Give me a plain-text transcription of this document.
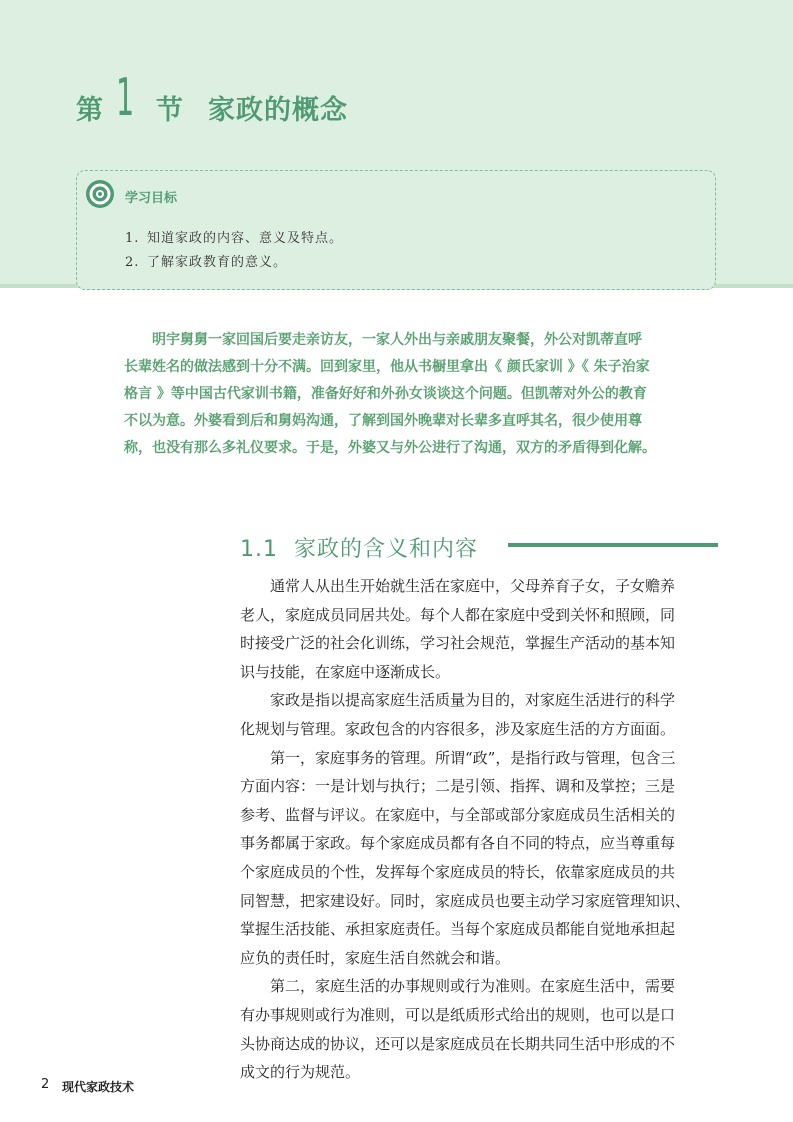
第 1 节 家政的概念
学习目标
1. 知道家政的内容、意义及特点。
2. 了解家政教育的意义。
明宇舅舅一家回国后要走亲访友，一家人外出与亲戚朋友聚餐，外公对凯蒂直呼
长辈姓名的做法感到十分不满。回到家里，他从书橱里拿出《 颜氏家训 》《 朱子治家
格言 》等中国古代家训书籍，准备好好和外孙女谈谈这个问题。但凯蒂对外公的教育
不以为意。外婆看到后和舅妈沟通，了解到国外晚辈对长辈多直呼其名，很少使用尊
称，也没有那么多礼仪要求。于是，外婆又与外公进行了沟通，双方的矛盾得到化解。
1.1 家政的含义和内容
通常人从出生开始就生活在家庭中，父母养育子女，子女赡养
老人，家庭成员同居共处。每个人都在家庭中受到关怀和照顾，同
时接受广泛的社会化训练，学习社会规范，掌握生产活动的基本知
识与技能，在家庭中逐渐成长。
家政是指以提高家庭生活质量为目的，对家庭生活进行的科学
化规划与管理。家政包含的内容很多，涉及家庭生活的方方面面。
第一，家庭事务的管理。所谓“政”，是指行政与管理，包含三
方面内容：一是计划与执行；二是引领、指挥、调和及掌控；三是
参考、监督与评议。在家庭中，与全部或部分家庭成员生活相关的
事务都属于家政。每个家庭成员都有各自不同的特点，应当尊重每
个家庭成员的个性，发挥每个家庭成员的特长，依靠家庭成员的共
同智慧，把家建设好。同时，家庭成员也要主动学习家庭管理知识、
掌握生活技能、承担家庭责任。当每个家庭成员都能自觉地承担起
应负的责任时，家庭生活自然就会和谐。
第二，家庭生活的办事规则或行为准则。在家庭生活中，需要
有办事规则或行为准则，可以是纸质形式给出的规则，也可以是口
头协商达成的协议，还可以是家庭成员在长期共同生活中形成的不
成文的行为规范。
2 现代家政技术
